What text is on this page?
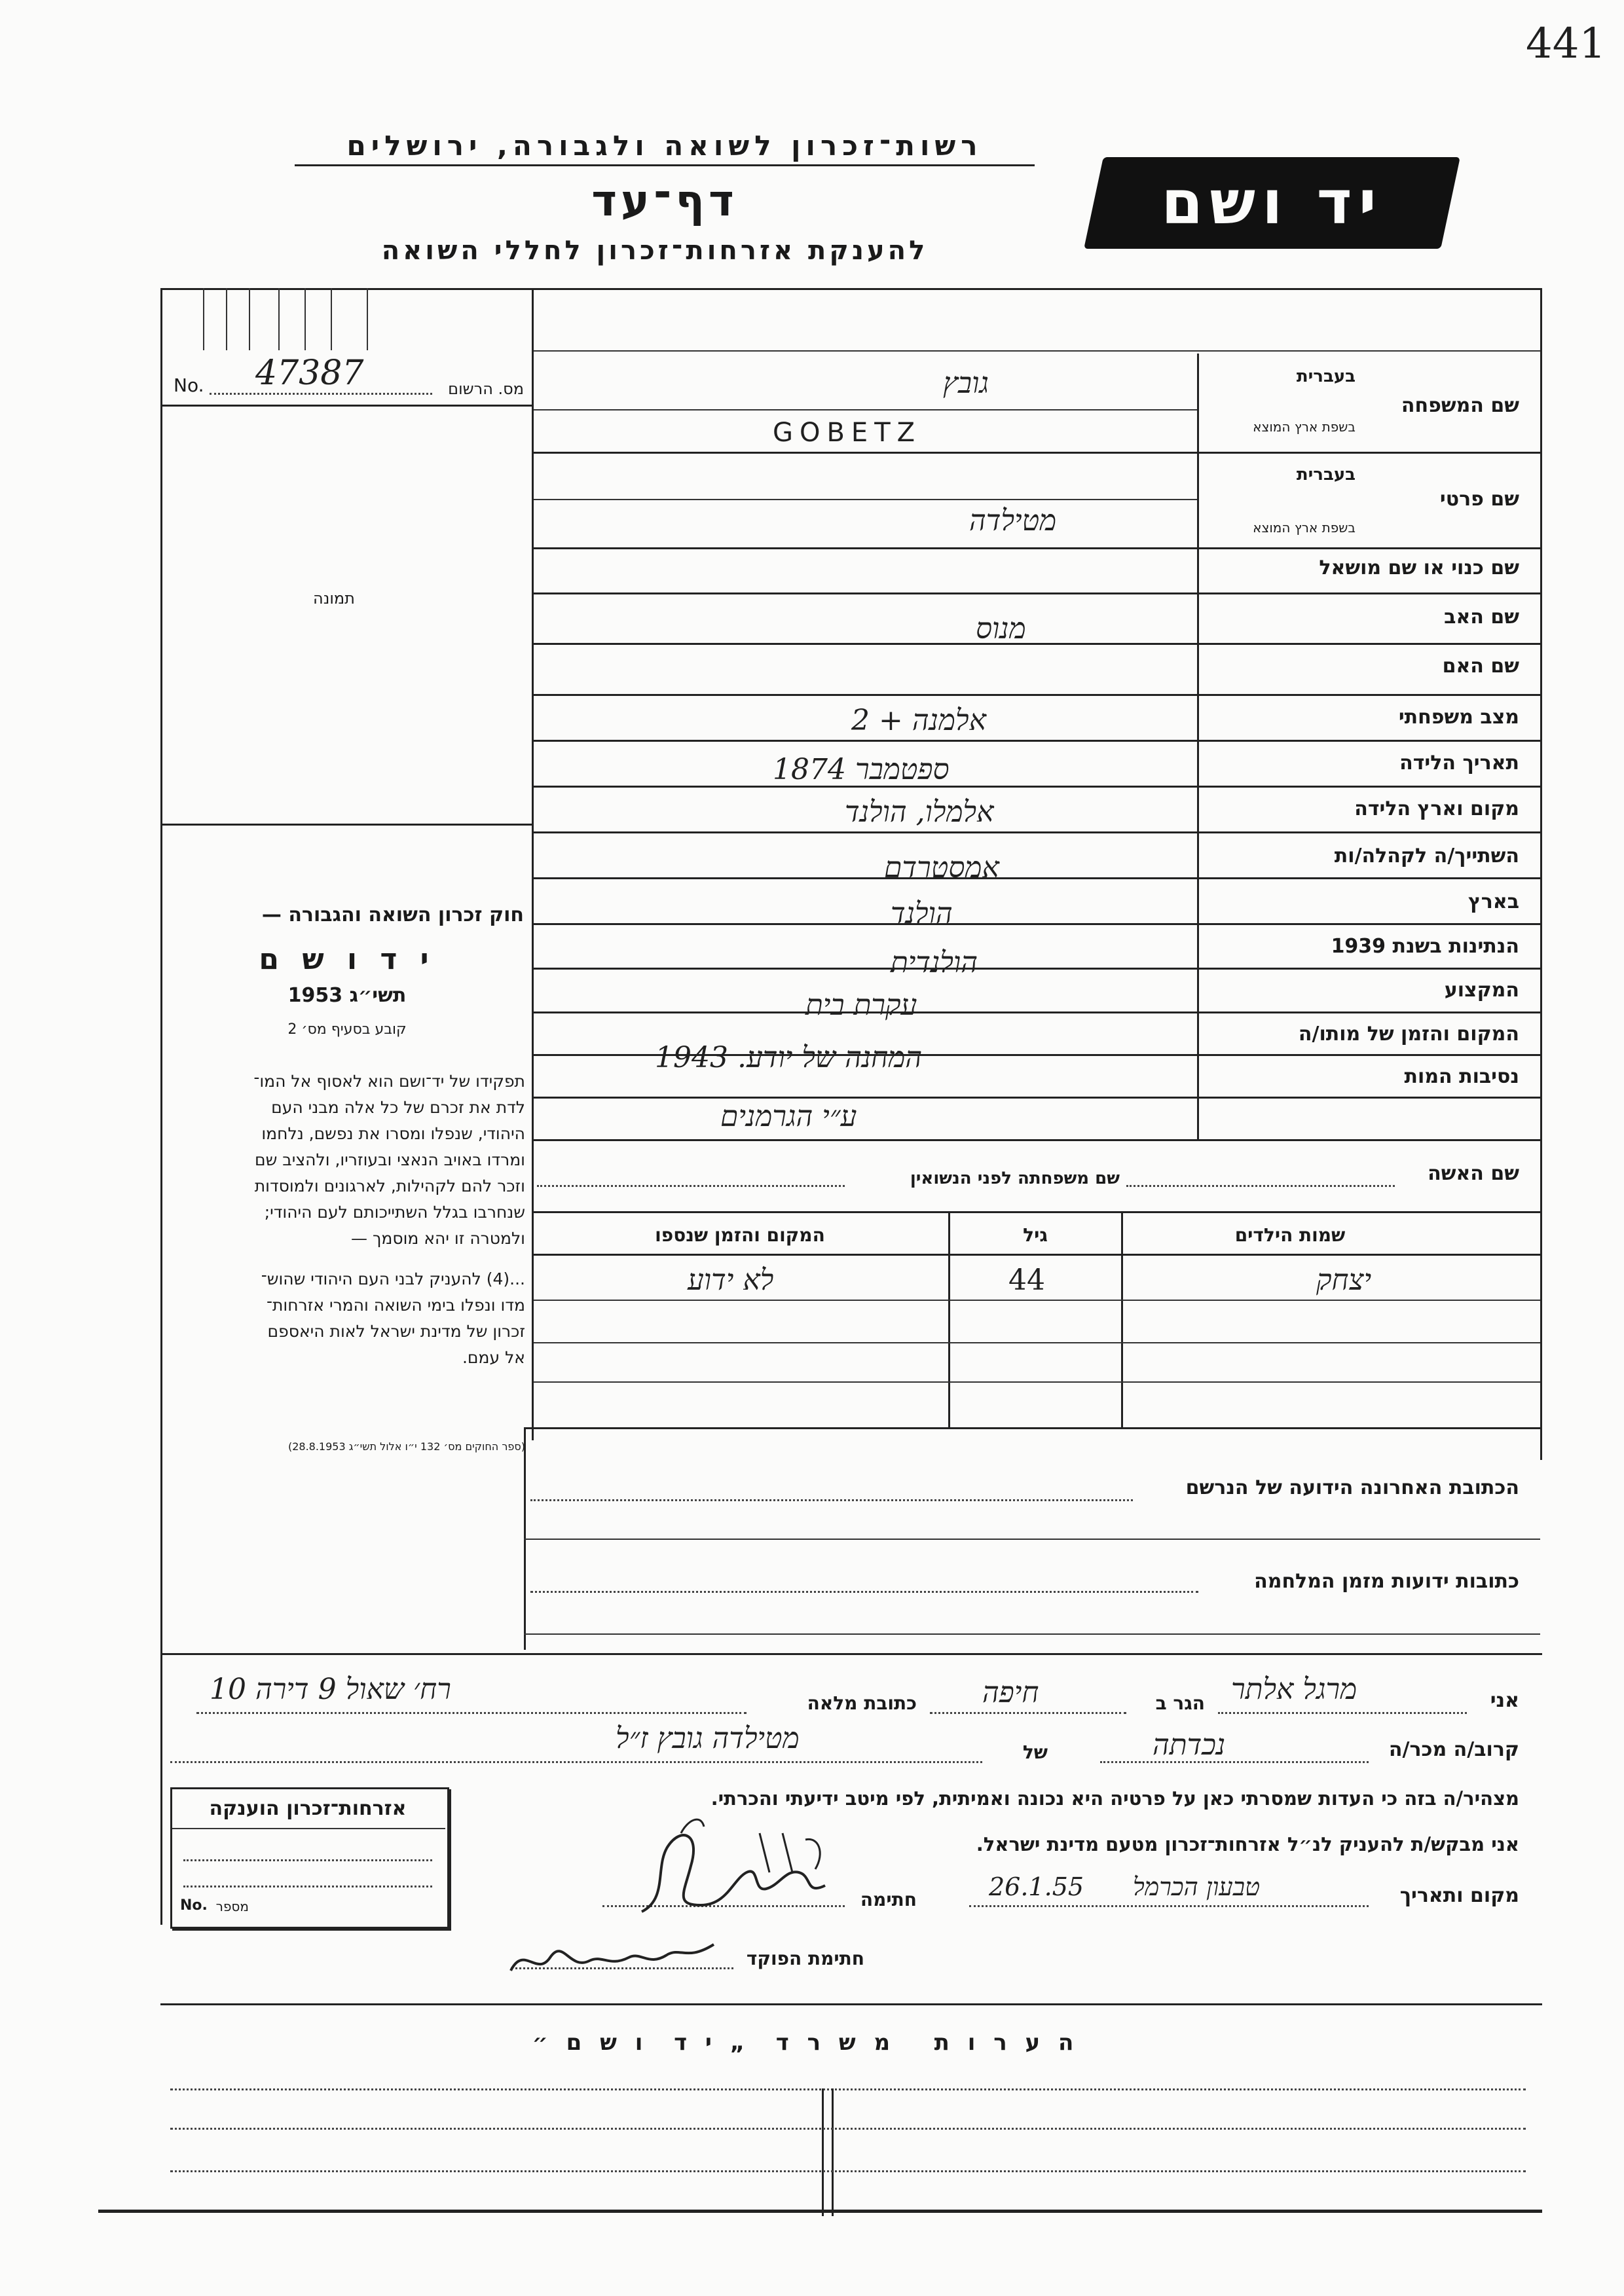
441
רשות־זכרון לשואה ולגבורה, ירושלים
דף־עד
להענקת אזרחות־זכרון לחללי השואה
יד ושם
No. 47387	מס. הרשום
תמונה
חוק זכרון השואה והגבורה —
י ד ו ש ם
תשי״ג 1953
קובע בסעיף מס׳ 2
תפקידו של יד־ושם הוא לאסוף אל המו־
לדת את זכרם של כל אלה מבני העם
היהודי, שנפלו ומסרו את נפשם, נלחמו
ומרדו באויב הנאצי ובעוזריו, ולהציב שם
וזכר להם לקהילות, לארגונים ולמוסדות
שנחרבו בגלל השתייכותם לעם היהודי;
ולמטרה זו יהא מוסמך —
...(4) להעניק לבני העם היהודי שהוש־
מדו ונפלו בימי השואה והמרי אזרחות־
זכרון של מדינת ישראל לאות היאספם
אל עמם.
(ספר החוקים מס׳ 132 י״ו אלול תשי״ג 28.8.1953)
שם המשפחה
בעברית
בשפת ארץ המוצא
גובץ
GOBETZ
שם פרטי
בעברית
בשפת ארץ המוצא
מטילדה
שם כנוי או שם מושאל
שם האב
מנוס
שם האם
מצב משפחתי
אלמנה + 2
תאריך הלידה
ספטמבר 1874
מקום וארץ הלידה
אלמלו, הולנד
השתייך/ה לקהלה/ות
אמסטרדם
בארץ
הולנד
הנתינות בשנת 1939
הולנדית
המקצוע
עקרת בית
המקום והזמן של מותו/ה
המחנה של יודע. 1943
נסיבות המות
ע״י הגרמנים
שם האשה
שם משפחתה לפני הנשואין
שמות הילדים
גיל
המקום והזמן שנספו
יצחק
44
לא ידוע
הכתובת האחרונה הידועה של הנרשם
כתובות ידועות מזמן המלחמה
אני
מרגל אלתר
הגר ב
חיפה
כתובת מלאה
רח׳ שאול 9 דירה 10
קרוב/ה מכר/ה
נכדתה
של
מטילדה גובץ ז״ל
מצהיר/ה בזה כי העדות שמסרתי כאן על פרטיה היא נכונה ואמיתית, לפי מיטב ידיעתי והכרתי.
אני מבקש/ת להעניק לנ״ל אזרחות־זכרון מטעם מדינת ישראל.
מקום ותאריך
טבעון הכרמל
26.1.55
חתימה
חתימת הפוקד
אזרחות־זכרון הוענקה
No. מספר
ה ע ר ו ת   מ ש ר ד  „ י ד  ו ש ם ״
